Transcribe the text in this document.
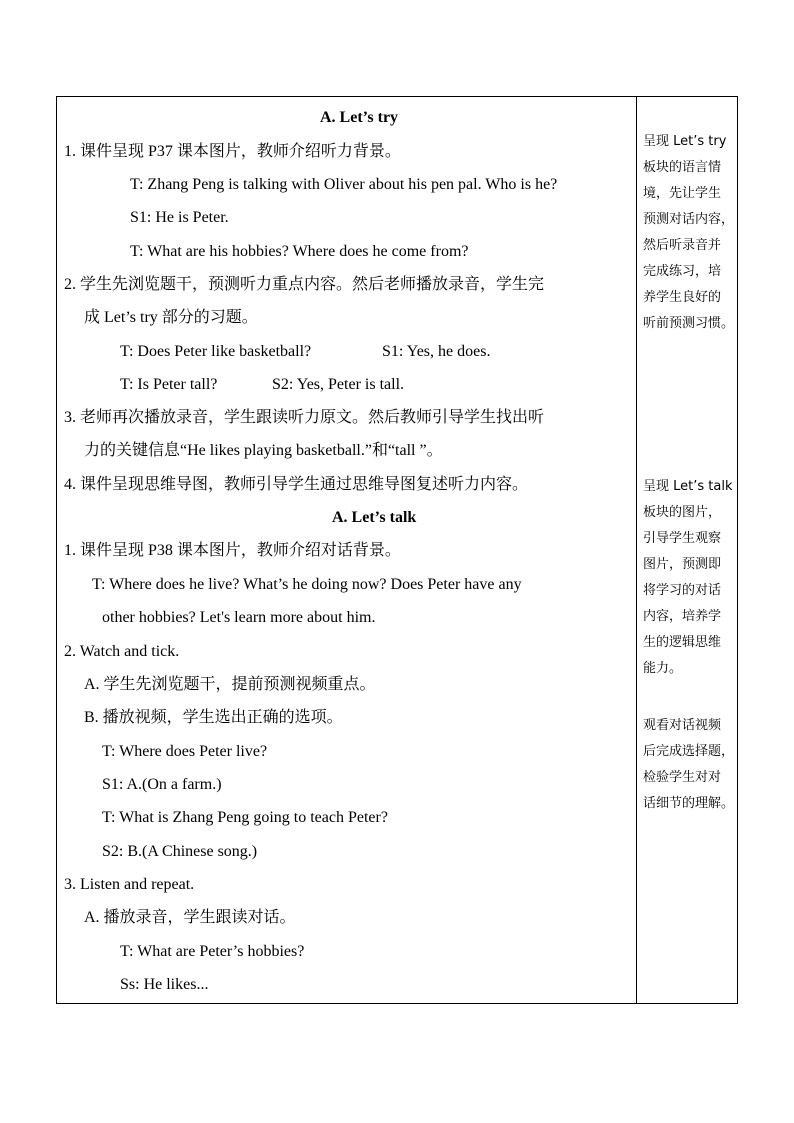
A. Let’s try
1. 课件呈现 P37 课本图片，教师介绍听力背景。
T: Zhang Peng is talking with Oliver about his pen pal. Who is he?
S1: He is Peter.
T: What are his hobbies? Where does he come from?
2. 学生先浏览题干，预测听力重点内容。然后老师播放录音，学生完
成 Let’s try 部分的习题。
T: Does Peter like basketball?	S1: Yes, he does.
T: Is Peter tall?	S2: Yes, Peter is tall.
3. 老师再次播放录音，学生跟读听力原文。然后教师引导学生找出听
力的关键信息“He likes playing basketball.”和“tall ”。
4. 课件呈现思维导图，教师引导学生通过思维导图复述听力内容。
A. Let’s talk
1. 课件呈现 P38 课本图片，教师介绍对话背景。
T: Where does he live? What’s he doing now? Does Peter have any
other hobbies? Let's learn more about him.
2. Watch and tick.
A. 学生先浏览题干，提前预测视频重点。
B. 播放视频，学生选出正确的选项。
T: Where does Peter live?
S1: A.(On a farm.)
T: What is Zhang Peng going to teach Peter?
S2: B.(A Chinese song.)
3. Listen and repeat.
A. 播放录音，学生跟读对话。
T: What are Peter’s hobbies?
Ss: He likes...
呈现 Let’s try
板块的语言情
境，先让学生
预测对话内容，
然后听录音并
完成练习，培
养学生良好的
听前预测习惯。
呈现 Let’s talk
板块的图片，
引导学生观察
图片，预测即
将学习的对话
内容，培养学
生的逻辑思维
能力。
观看对话视频
后完成选择题，
检验学生对对
话细节的理解。
